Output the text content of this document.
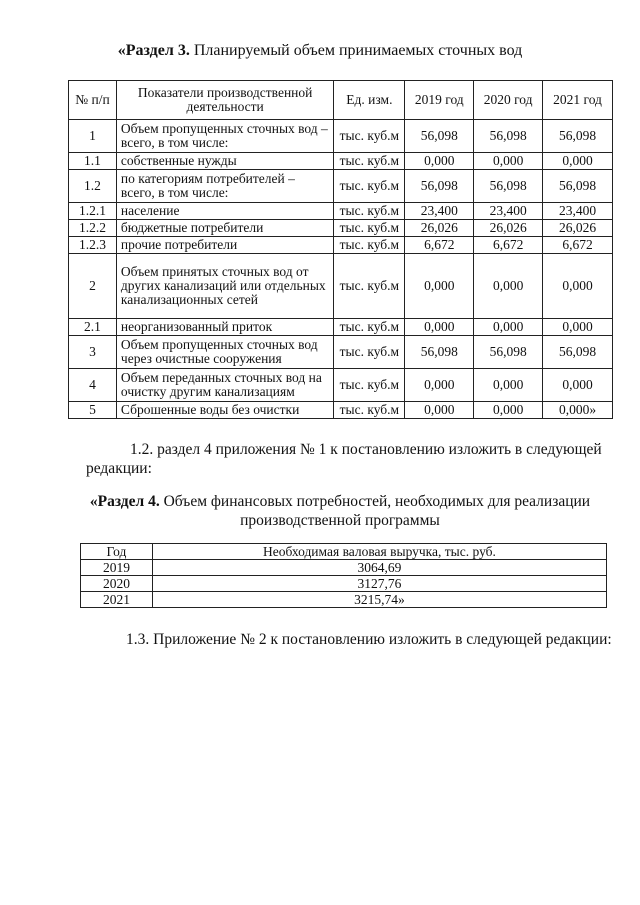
«Раздел 3. Планируемый объем принимаемых сточных вод
№ п/п	Показатели производственной деятельности	Ед. изм.	2019 год	2020 год	2021 год
1	Объем пропущенных сточных вод – всего, в том числе:	тыс. куб.м	56,098	56,098	56,098
1.1	собственные нужды	тыс. куб.м	0,000	0,000	0,000
1.2	по категориям потребителей – всего, в том числе:	тыс. куб.м	56,098	56,098	56,098
1.2.1	население	тыс. куб.м	23,400	23,400	23,400
1.2.2	бюджетные потребители	тыс. куб.м	26,026	26,026	26,026
1.2.3	прочие потребители	тыс. куб.м	6,672	6,672	6,672
2	Объем принятых сточных вод от других канализаций или отдельных канализационных сетей	тыс. куб.м	0,000	0,000	0,000
2.1	неорганизованный приток	тыс. куб.м	0,000	0,000	0,000
3	Объем пропущенных сточных вод через очистные сооружения	тыс. куб.м	56,098	56,098	56,098
4	Объем переданных сточных вод на очистку другим канализациям	тыс. куб.м	0,000	0,000	0,000
5	Сброшенные воды без очистки	тыс. куб.м	0,000	0,000	0,000»
1.2. раздел 4 приложения № 1 к постановлению изложить в следующей редакции:
«Раздел 4. Объем финансовых потребностей, необходимых для реализации производственной программы
Год	Необходимая валовая выручка, тыс. руб.
2019	3064,69
2020	3127,76
2021	3215,74»
1.3. Приложение № 2 к постановлению изложить в следующей редакции:
